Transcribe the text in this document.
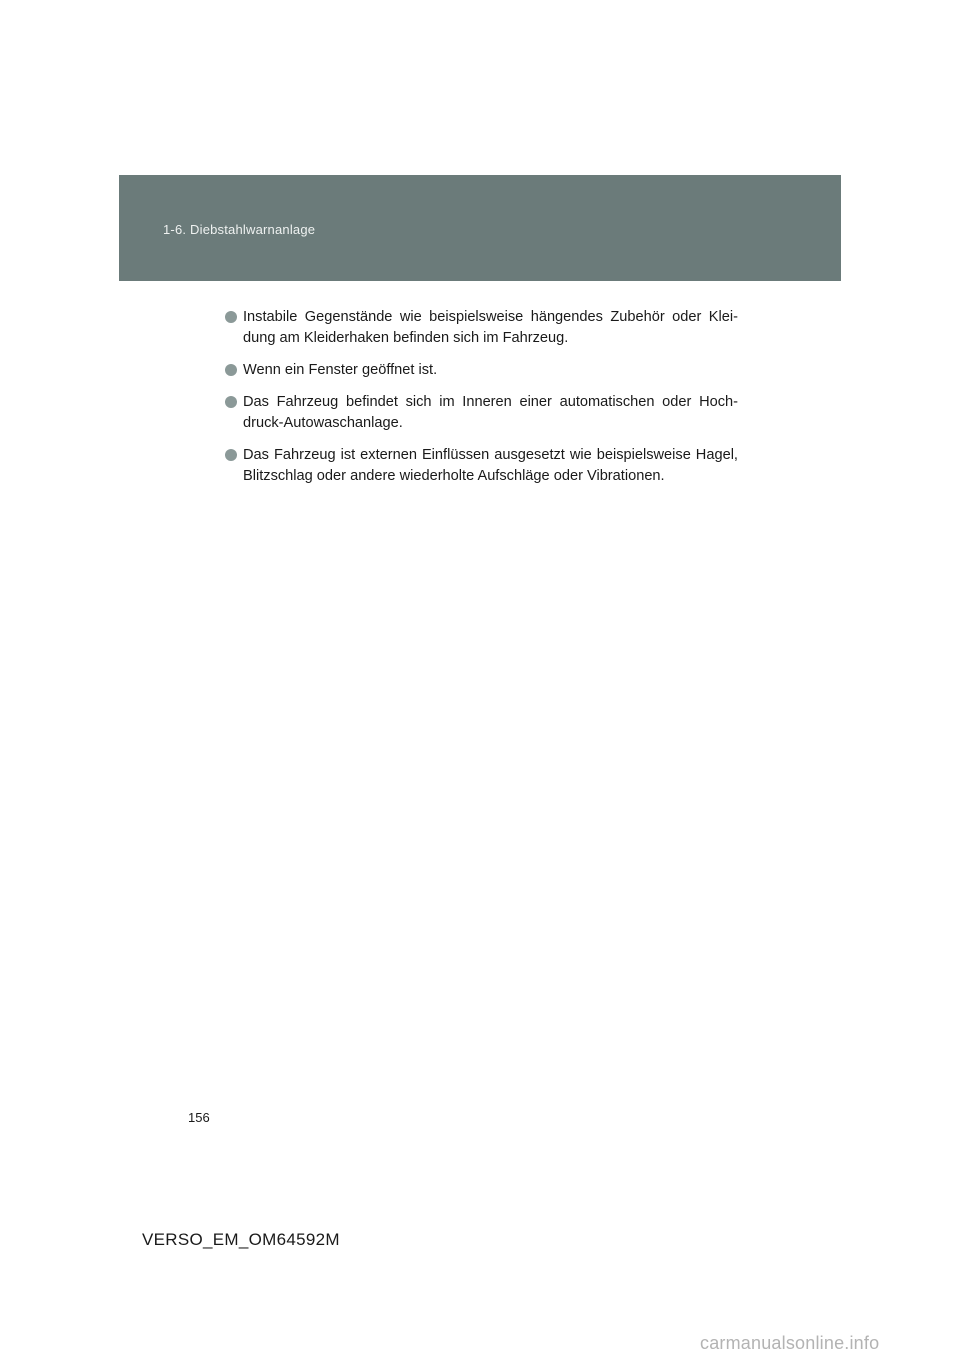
1-6. Diebstahlwarnanlage
Instabile Gegenstände wie beispielsweise hängendes Zubehör oder Klei-dung am Kleiderhaken befinden sich im Fahrzeug.
Wenn ein Fenster geöffnet ist.
Das Fahrzeug befindet sich im Inneren einer automatischen oder Hoch-druck-Autowaschanlage.
Das Fahrzeug ist externen Einflüssen ausgesetzt wie beispielsweise Hagel, Blitzschlag oder andere wiederholte Aufschläge oder Vibrationen.
156
VERSO_EM_OM64592M
carmanualsonline.info
